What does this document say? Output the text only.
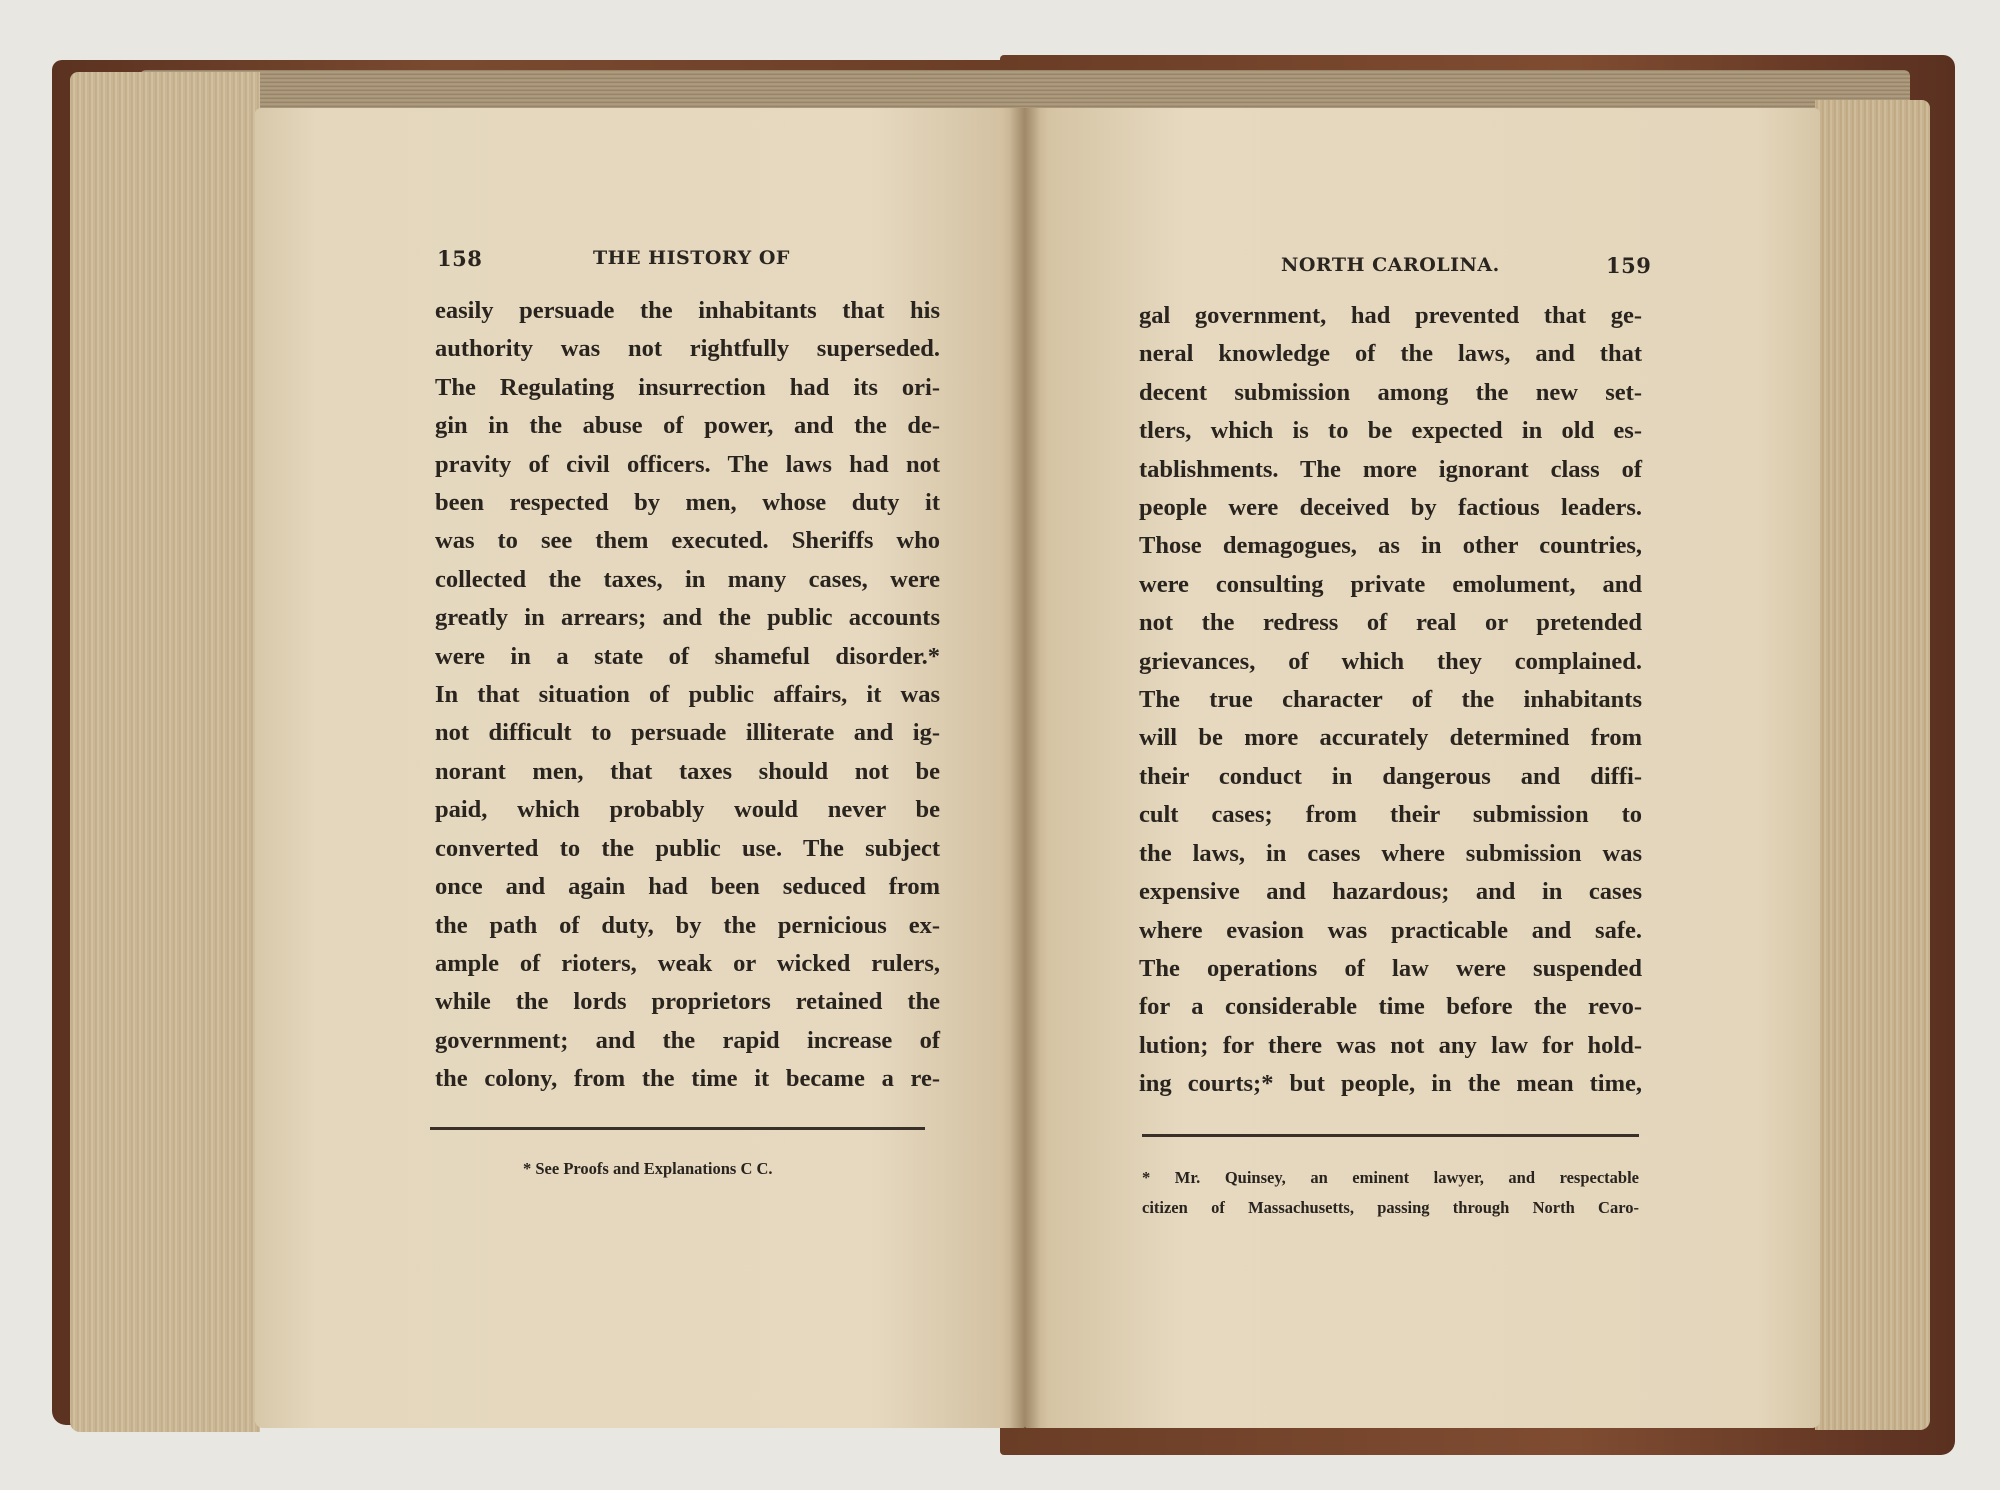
158	THE HISTORY OF	NORTH CAROLINA.	159
easily persuade the inhabitants that his
authority was not rightfully superseded.
The Regulating insurrection had its ori-
gin in the abuse of power, and the de-
pravity of civil officers. The laws had not
been respected by men, whose duty it
was to see them executed. Sheriffs who
collected the taxes, in many cases, were
greatly in arrears; and the public accounts
were in a state of shameful disorder.*
In that situation of public affairs, it was
not difficult to persuade illiterate and ig-
norant men, that taxes should not be
paid, which probably would never be
converted to the public use. The subject
once and again had been seduced from
the path of duty, by the pernicious ex-
ample of rioters, weak or wicked rulers,
while the lords proprietors retained the
government; and the rapid increase of
the colony, from the time it became a re-
* See Proofs and Explanations C C.
gal government, had prevented that ge-
neral knowledge of the laws, and that
decent submission among the new set-
tlers, which is to be expected in old es-
tablishments. The more ignorant class of
people were deceived by factious leaders.
Those demagogues, as in other countries,
were consulting private emolument, and
not the redress of real or pretended
grievances, of which they complained.
The true character of the inhabitants
will be more accurately determined from
their conduct in dangerous and diffi-
cult cases; from their submission to
the laws, in cases where submission was
expensive and hazardous; and in cases
where evasion was practicable and safe.
The operations of law were suspended
for a considerable time before the revo-
lution; for there was not any law for hold-
ing courts;* but people, in the mean time,
* Mr. Quinsey, an eminent lawyer, and respectable
citizen of Massachusetts, passing through North Caro-
